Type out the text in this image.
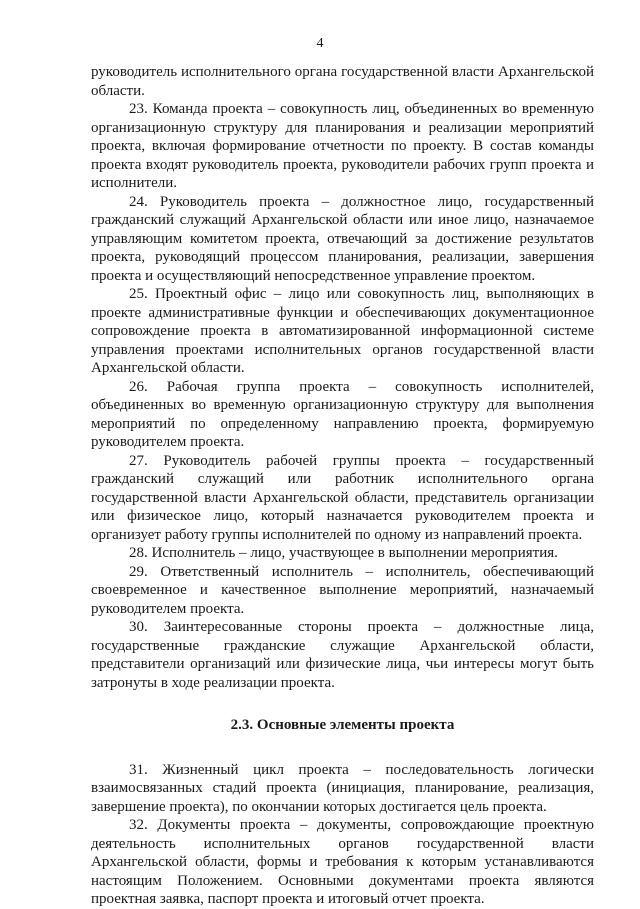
4

руководитель исполнительного органа государственной власти Архангельской области.

23. Команда проекта – совокупность лиц, объединенных во временную организационную структуру для планирования и реализации мероприятий проекта, включая формирование отчетности по проекту. В состав команды проекта входят руководитель проекта, руководители рабочих групп проекта и исполнители.

24. Руководитель проекта – должностное лицо, государственный гражданский служащий Архангельской области или иное лицо, назначаемое управляющим комитетом проекта, отвечающий за достижение результатов проекта, руководящий процессом планирования, реализации, завершения проекта и осуществляющий непосредственное управление проектом.

25. Проектный офис – лицо или совокупность лиц, выполняющих в проекте административные функции и обеспечивающих документационное сопровождение проекта в автоматизированной информационной системе управления проектами исполнительных органов государственной власти Архангельской области.

26. Рабочая группа проекта – совокупность исполнителей, объединенных во временную организационную структуру для выполнения мероприятий по определенному направлению проекта, формируемую руководителем проекта.

27. Руководитель рабочей группы проекта – государственный гражданский служащий или работник исполнительного органа государственной власти Архангельской области, представитель организации или физическое лицо, который назначается руководителем проекта и организует работу группы исполнителей по одному из направлений проекта.

28. Исполнитель – лицо, участвующее в выполнении мероприятия.

29. Ответственный исполнитель – исполнитель, обеспечивающий своевременное и качественное выполнение мероприятий, назначаемый руководителем проекта.

30. Заинтересованные стороны проекта – должностные лица, государственные гражданские служащие Архангельской области, представители организаций или физические лица, чьи интересы могут быть затронуты в ходе реализации проекта.

2.3. Основные элементы проекта

31. Жизненный цикл проекта – последовательность логически взаимосвязанных стадий проекта (инициация, планирование, реализация, завершение проекта), по окончании которых достигается цель проекта.

32. Документы проекта – документы, сопровождающие проектную деятельность исполнительных органов государственной власти Архангельской области, формы и требования к которым устанавливаются настоящим Положением. Основными документами проекта являются проектная заявка, паспорт проекта и итоговый отчет проекта.
